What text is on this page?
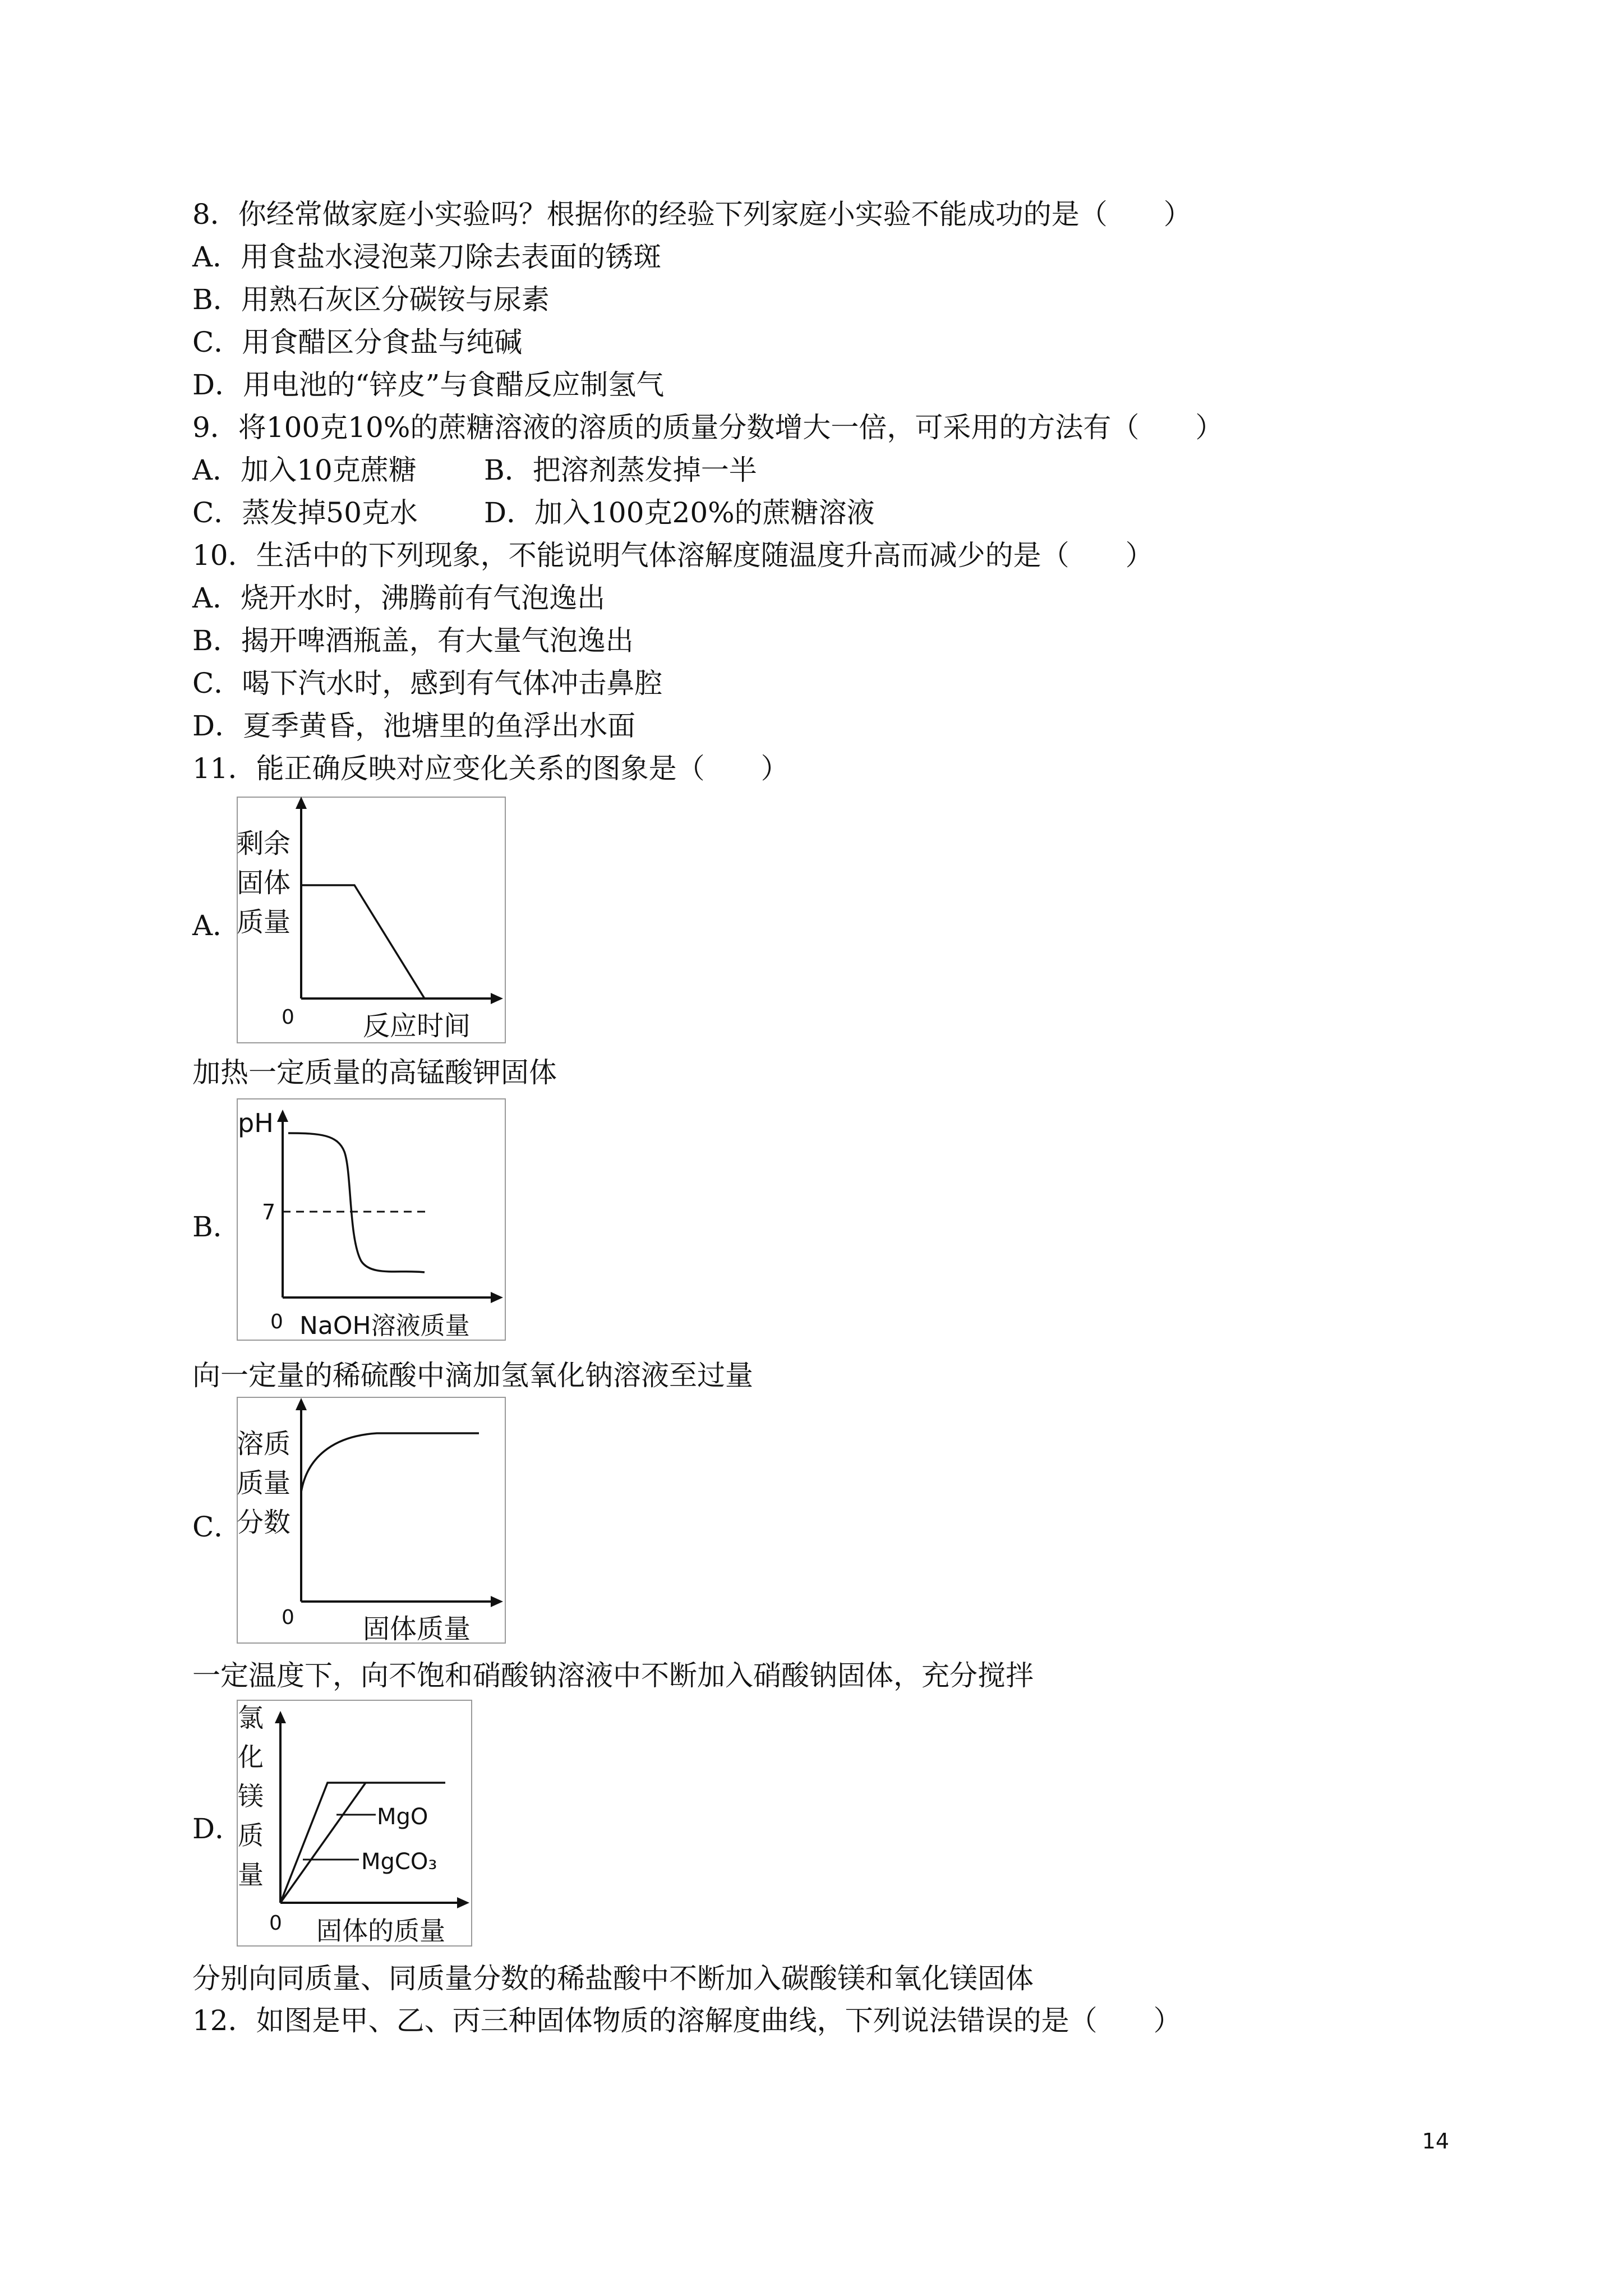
8．你经常做家庭小实验吗？根据你的经验下列家庭小实验不能成功的是（　　）
A．用食盐水浸泡菜刀除去表面的锈斑
B．用熟石灰区分碳铵与尿素
C．用食醋区分食盐与纯碱
D．用电池的“锌皮”与食醋反应制氢气
9．将100克10%的蔗糖溶液的溶质的质量分数增大一倍，可采用的方法有（　　）
A．加入10克蔗糖 B．把溶剂蒸发掉一半
C．蒸发掉50克水 D．加入100克20%的蔗糖溶液
10．生活中的下列现象，不能说明气体溶解度随温度升高而减少的是（　　）
A．烧开水时，沸腾前有气泡逸出
B．揭开啤酒瓶盖，有大量气泡逸出
C．喝下汽水时，感到有气体冲击鼻腔
D．夏季黄昏，池塘里的鱼浮出水面
11．能正确反映对应变化关系的图象是（　　）
A．
剩余
固体
质量
0	反应时间
加热一定质量的高锰酸钾固体
B．
pH
7
0 NaOH溶液质量
向一定量的稀硫酸中滴加氢氧化钠溶液至过量
C．
溶质
质量
分数
0	固体质量
一定温度下，向不饱和硝酸钠溶液中不断加入硝酸钠固体，充分搅拌
D．	MgO
MgCO₃
氯
化
镁
质
量
0 固体的质量
分别向同质量、同质量分数的稀盐酸中不断加入碳酸镁和氧化镁固体
12．如图是甲、乙、丙三种固体物质的溶解度曲线，下列说法错误的是（　　）
14
